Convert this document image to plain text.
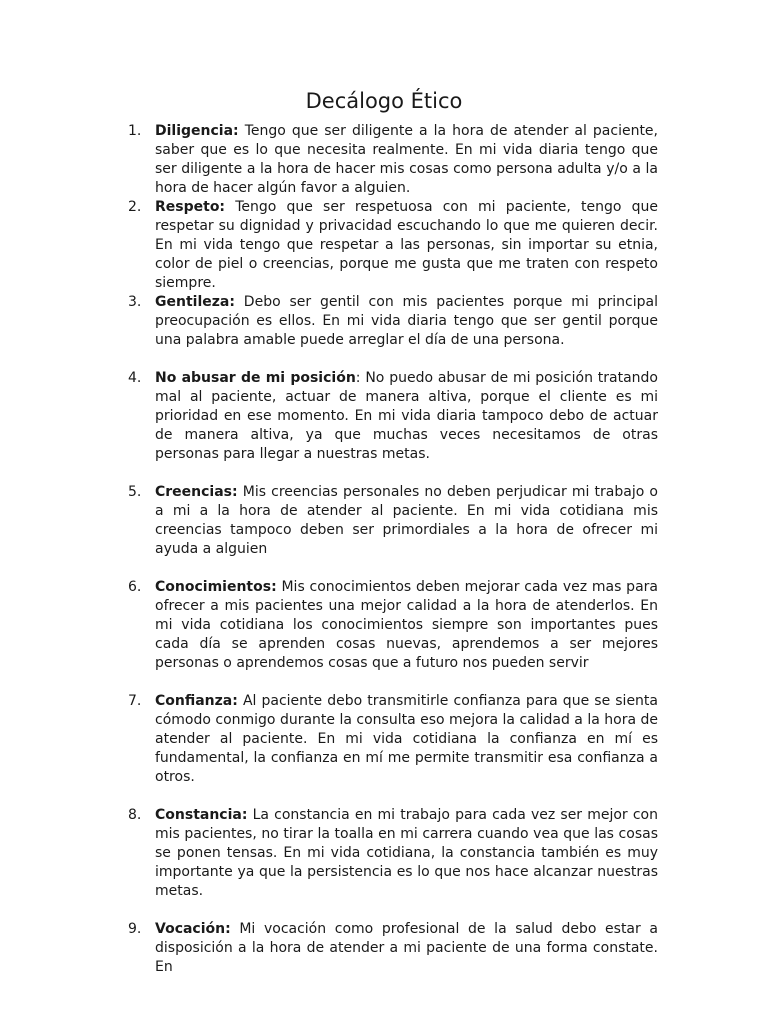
Decálogo Ético
1. Diligencia: Tengo que ser diligente a la hora de atender al paciente, saber que es lo que necesita realmente. En mi vida diaria tengo que ser diligente a la hora de hacer mis cosas como persona adulta y/o a la hora de hacer algún favor a alguien.
2. Respeto: Tengo que ser respetuosa con mi paciente, tengo que respetar su dignidad y privacidad escuchando lo que me quieren decir. En mi vida tengo que respetar a las personas, sin importar su etnia, color de piel o creencias, porque me gusta que me traten con respeto siempre.
3. Gentileza: Debo ser gentil con mis pacientes porque mi principal preocupación es ellos. En mi vida diaria tengo que ser gentil porque una palabra amable puede arreglar el día de una persona.
4. No abusar de mi posición: No puedo abusar de mi posición tratando mal al paciente, actuar de manera altiva, porque el cliente es mi prioridad en ese momento. En mi vida diaria tampoco debo de actuar de manera altiva, ya que muchas veces necesitamos de otras personas para llegar a nuestras metas.
5. Creencias: Mis creencias personales no deben perjudicar mi trabajo o a mi a la hora de atender al paciente. En mi vida cotidiana mis creencias tampoco deben ser primordiales a la hora de ofrecer mi ayuda a alguien
6. Conocimientos: Mis conocimientos deben mejorar cada vez mas para ofrecer a mis pacientes una mejor calidad a la hora de atenderlos. En mi vida cotidiana los conocimientos siempre son importantes pues cada día se aprenden cosas nuevas, aprendemos a ser mejores personas o aprendemos cosas que a futuro nos pueden servir
7. Confianza: Al paciente debo transmitirle confianza para que se sienta cómodo conmigo durante la consulta eso mejora la calidad a la hora de atender al paciente. En mi vida cotidiana la confianza en mí es fundamental, la confianza en mí me permite transmitir esa confianza a otros.
8. Constancia: La constancia en mi trabajo para cada vez ser mejor con mis pacientes, no tirar la toalla en mi carrera cuando vea que las cosas se ponen tensas. En mi vida cotidiana, la constancia también es muy importante ya que la persistencia es lo que nos hace alcanzar nuestras metas.
9. Vocación: Mi vocación como profesional de la salud debo estar a disposición a la hora de atender a mi paciente de una forma constate. En
